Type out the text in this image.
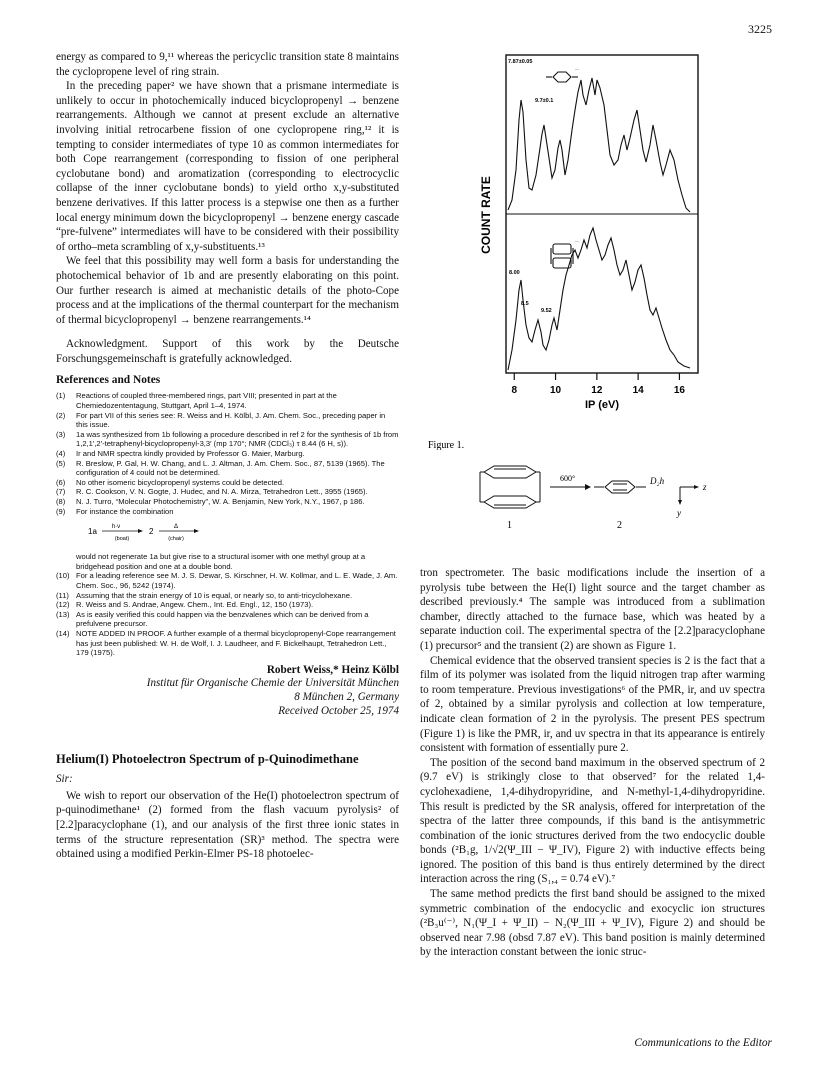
3225

energy as compared to 9,¹¹ whereas the pericyclic transition state 8 maintains the cyclopropene level of ring strain.

In the preceding paper² we have shown that a prismane intermediate is unlikely to occur in photochemically induced bicyclopropenyl → benzene rearrangements. Although we cannot at present exclude an alternative involving initial retrocarbene fission of one cyclopropene ring,¹² it is tempting to consider intermediates of type 10 as common intermediates for both Cope rearrangement (corresponding to fission of one peripheral cyclobutane bond) and aromatization (corresponding to electrocyclic collapse of the inner cyclobutane bonds) to yield ortho x,y-substituted benzene derivatives. If this latter process is a stepwise one then as a further local energy minimum down the bicyclopropenyl → benzene energy cascade “pre-fulvene” intermediates will have to be considered with their possibility of ortho–meta scrambling of x,y-substituents.¹³

We feel that this possibility may well form a basis for understanding the photochemical behavior of 1b and are presently elaborating on this point. Our further research is aimed at mechanistic details of the photo-Cope process and at the implications of the thermal counterpart for the mechanism of thermal bicyclopropenyl → benzene rearrangements.¹⁴

Acknowledgment. Support of this work by the Deutsche Forschungsgemeinschaft is gratefully acknowledged.

References and Notes
(1) Reactions of coupled three-membered rings, part VIII; presented in part at the Chemiedozententagung, Stuttgart, April 1–4, 1974.
(2) For part VII of this series see: R. Weiss and H. Kölbl, J. Am. Chem. Soc., preceding paper in this issue.
(3) 1a was synthesized from 1b following a procedure described in ref 2 for the synthesis of 1b from 1,2,1′,2′-tetraphenyl-bicyclopropenyl-3,3′ (mp 170°; NMR (CDCl₃) τ 8.44 (6 H, s)).
(4) Ir and NMR spectra kindly provided by Professor G. Maier, Marburg.
(5) R. Breslow, P. Gal, H. W. Chang, and L. J. Altman, J. Am. Chem. Soc., 87, 5139 (1965). The configuration of 4 could not be determined.
(6) No other isomeric bicyclopropenyl systems could be detected.
(7) R. C. Cookson, V. N. Gogte, J. Hudec, and N. A. Mirza, Tetrahedron Lett., 3955 (1965).
(8) N. J. Turro, “Molecular Photochemistry”, W. A. Benjamin, New York, N.Y., 1967, p 186.
(9) For instance the combination
1a h·ν
(boat)
2	Δ
(chair)
would not regenerate 1a but give rise to a structural isomer with one methyl group at a bridgehead position and one at a double bond.
(10) For a leading reference see M. J. S. Dewar, S. Kirschner, H. W. Kollmar, and L. E. Wade, J. Am. Chem. Soc., 96, 5242 (1974).
(11) Assuming that the strain energy of 10 is equal, or nearly so, to anti-tricyclohexane.
(12) R. Weiss and S. Andrae, Angew. Chem., Int. Ed. Engl., 12, 150 (1973).
(13) As is easily verified this could happen via the benzvalenes which can be derived from a prefulvene precursor.
(14) NOTE ADDED IN PROOF. A further example of a thermal bicyclopropenyl-Cope rearrangement has just been published: W. H. de Wolf, I. J. Laudheer, and F. Bickelhaupt, Tetrahedron Lett., 179 (1975).
Robert Weiss,* Heinz Kölbl
Institut für Organische Chemie der Universität München
8 München 2, Germany
Received October 25, 1974
Helium(I) Photoelectron Spectrum of p-Quinodimethane
Sir:

We wish to report our observation of the He(I) photoelectron spectrum of p-quinodimethane¹ (2) formed from the flash vacuum pyrolysis² of [2.2]paracyclophane (1), and our analysis of the first three ionic states in terms of the structure representation (SR)³ method. The spectra were obtained using a modified Perkin-Elmer PS-18 photoelec-

··
··
7.87±0.05
9.7±0.1
8.00
8.5
9.52
COUNT RATE
8	10	12	14	16
IP (eV)
Figure 1.
600°	D₂h
z
y
1	2

tron spectrometer. The basic modifications include the insertion of a pyrolysis tube between the He(I) light source and the target chamber as described previously.⁴ The sample was introduced from a sublimation chamber, directly attached to the furnace base, which was heated by a separate induction coil. The experimental spectra of the [2.2]paracyclophane (1) precursor⁵ and the transient (2) are shown as Figure 1.

Chemical evidence that the observed transient species is 2 is the fact that a film of its polymer was isolated from the liquid nitrogen trap after warming to room temperature. Previous investigations⁶ of the PMR, ir, and uv spectra of 2, obtained by a similar pyrolysis and collection at low temperature, indicate clean formation of 2 in the pyrolysis. The present PES spectrum (Figure 1) is like the PMR, ir, and uv spectra in that its appearance is entirely consistent with formation of essentially pure 2.

The position of the second band maximum in the observed spectrum of 2 (9.7 eV) is strikingly close to that observed⁷ for the related 1,4-cyclohexadiene, 1,4-dihydropyridine, and N-methyl-1,4-dihydropyridine. This result is predicted by the SR analysis, offered for interpretation of the spectra of the latter three compounds, if this band is the antisymmetric combination of the ionic structures derived from the two endocyclic double bonds (²B₁g, 1/√2(Ψ_III − Ψ_IV), Figure 2) with inductive effects being ignored. The position of this band is thus entirely determined by the direct interaction across the ring (S₁,₄ = 0.74 eV).⁷

The same method predicts the first band should be assigned to the mixed symmetric combination of the endocyclic and exocyclic ion structures (²B₃u⁽⁻⁾, N₁(Ψ_I + Ψ_II) − N₂(Ψ_III + Ψ_IV), Figure 2) and should be observed near 7.98 (obsd 7.87 eV). This band position is mainly determined by the interaction constant between the ionic struc-

Communications to the Editor
